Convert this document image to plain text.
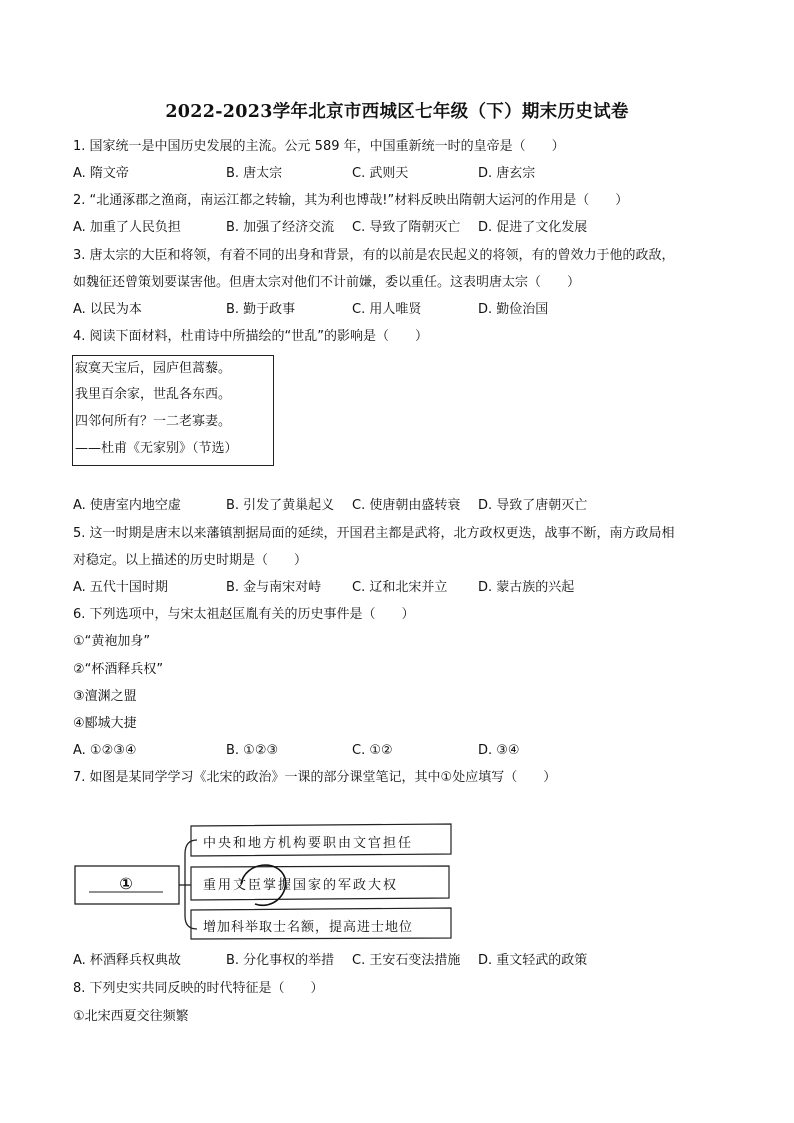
2022-2023学年北京市西城区七年级（下）期末历史试卷
1. 国家统一是中国历史发展的主流。公元 589 年，中国重新统一时的皇帝是（　　）
A. 隋文帝	B. 唐太宗	C. 武则天	D. 唐玄宗
2. “北通涿郡之渔商，南运江都之转输，其为利也博哉!”材料反映出隋朝大运河的作用是（　　）
A. 加重了人民负担	B. 加强了经济交流 C. 导致了隋朝灭亡 D. 促进了文化发展
3. 唐太宗的大臣和将领，有着不同的出身和背景，有的以前是农民起义的将领，有的曾效力于他的政敌，
如魏征还曾策划要谋害他。但唐太宗对他们不计前嫌，委以重任。这表明唐太宗（　　）
A. 以民为本	B. 勤于政事	C. 用人唯贤	D. 勤俭治国
4. 阅读下面材料，杜甫诗中所描绘的“世乱”的影响是（　　）
寂寞天宝后，园庐但蒿藜。
我里百余家，世乱各东西。
四邻何所有？一二老寡妻。
——杜甫《无家别》（节选）
A. 使唐室内地空虚	B. 引发了黄巢起义 C. 使唐朝由盛转衰 D. 导致了唐朝灭亡
5. 这一时期是唐末以来藩镇割据局面的延续，开国君主都是武将，北方政权更迭，战事不断，南方政局相
对稳定。以上描述的历史时期是（　　）
A. 五代十国时期	B. 金与南宋对峙 C. 辽和北宋并立 D. 蒙古族的兴起
6. 下列选项中，与宋太祖赵匡胤有关的历史事件是（　　）
①“黄袍加身”
②“杯酒释兵权”
③澶渊之盟
④郾城大捷
A. ①②③④	B. ①②③	C. ①②	D. ③④
7. 如图是某同学学习《北宋的政治》一课的部分课堂笔记，其中①处应填写（　　）
①
中央和地方机构要职由文官担任
重用文臣掌握国家的军政大权
增加科举取士名额，提高进士地位
A. 杯酒释兵权典故	B. 分化事权的举措 C. 王安石变法措施 D. 重文轻武的政策
8. 下列史实共同反映的时代特征是（　　）
①北宋西夏交往频繁
